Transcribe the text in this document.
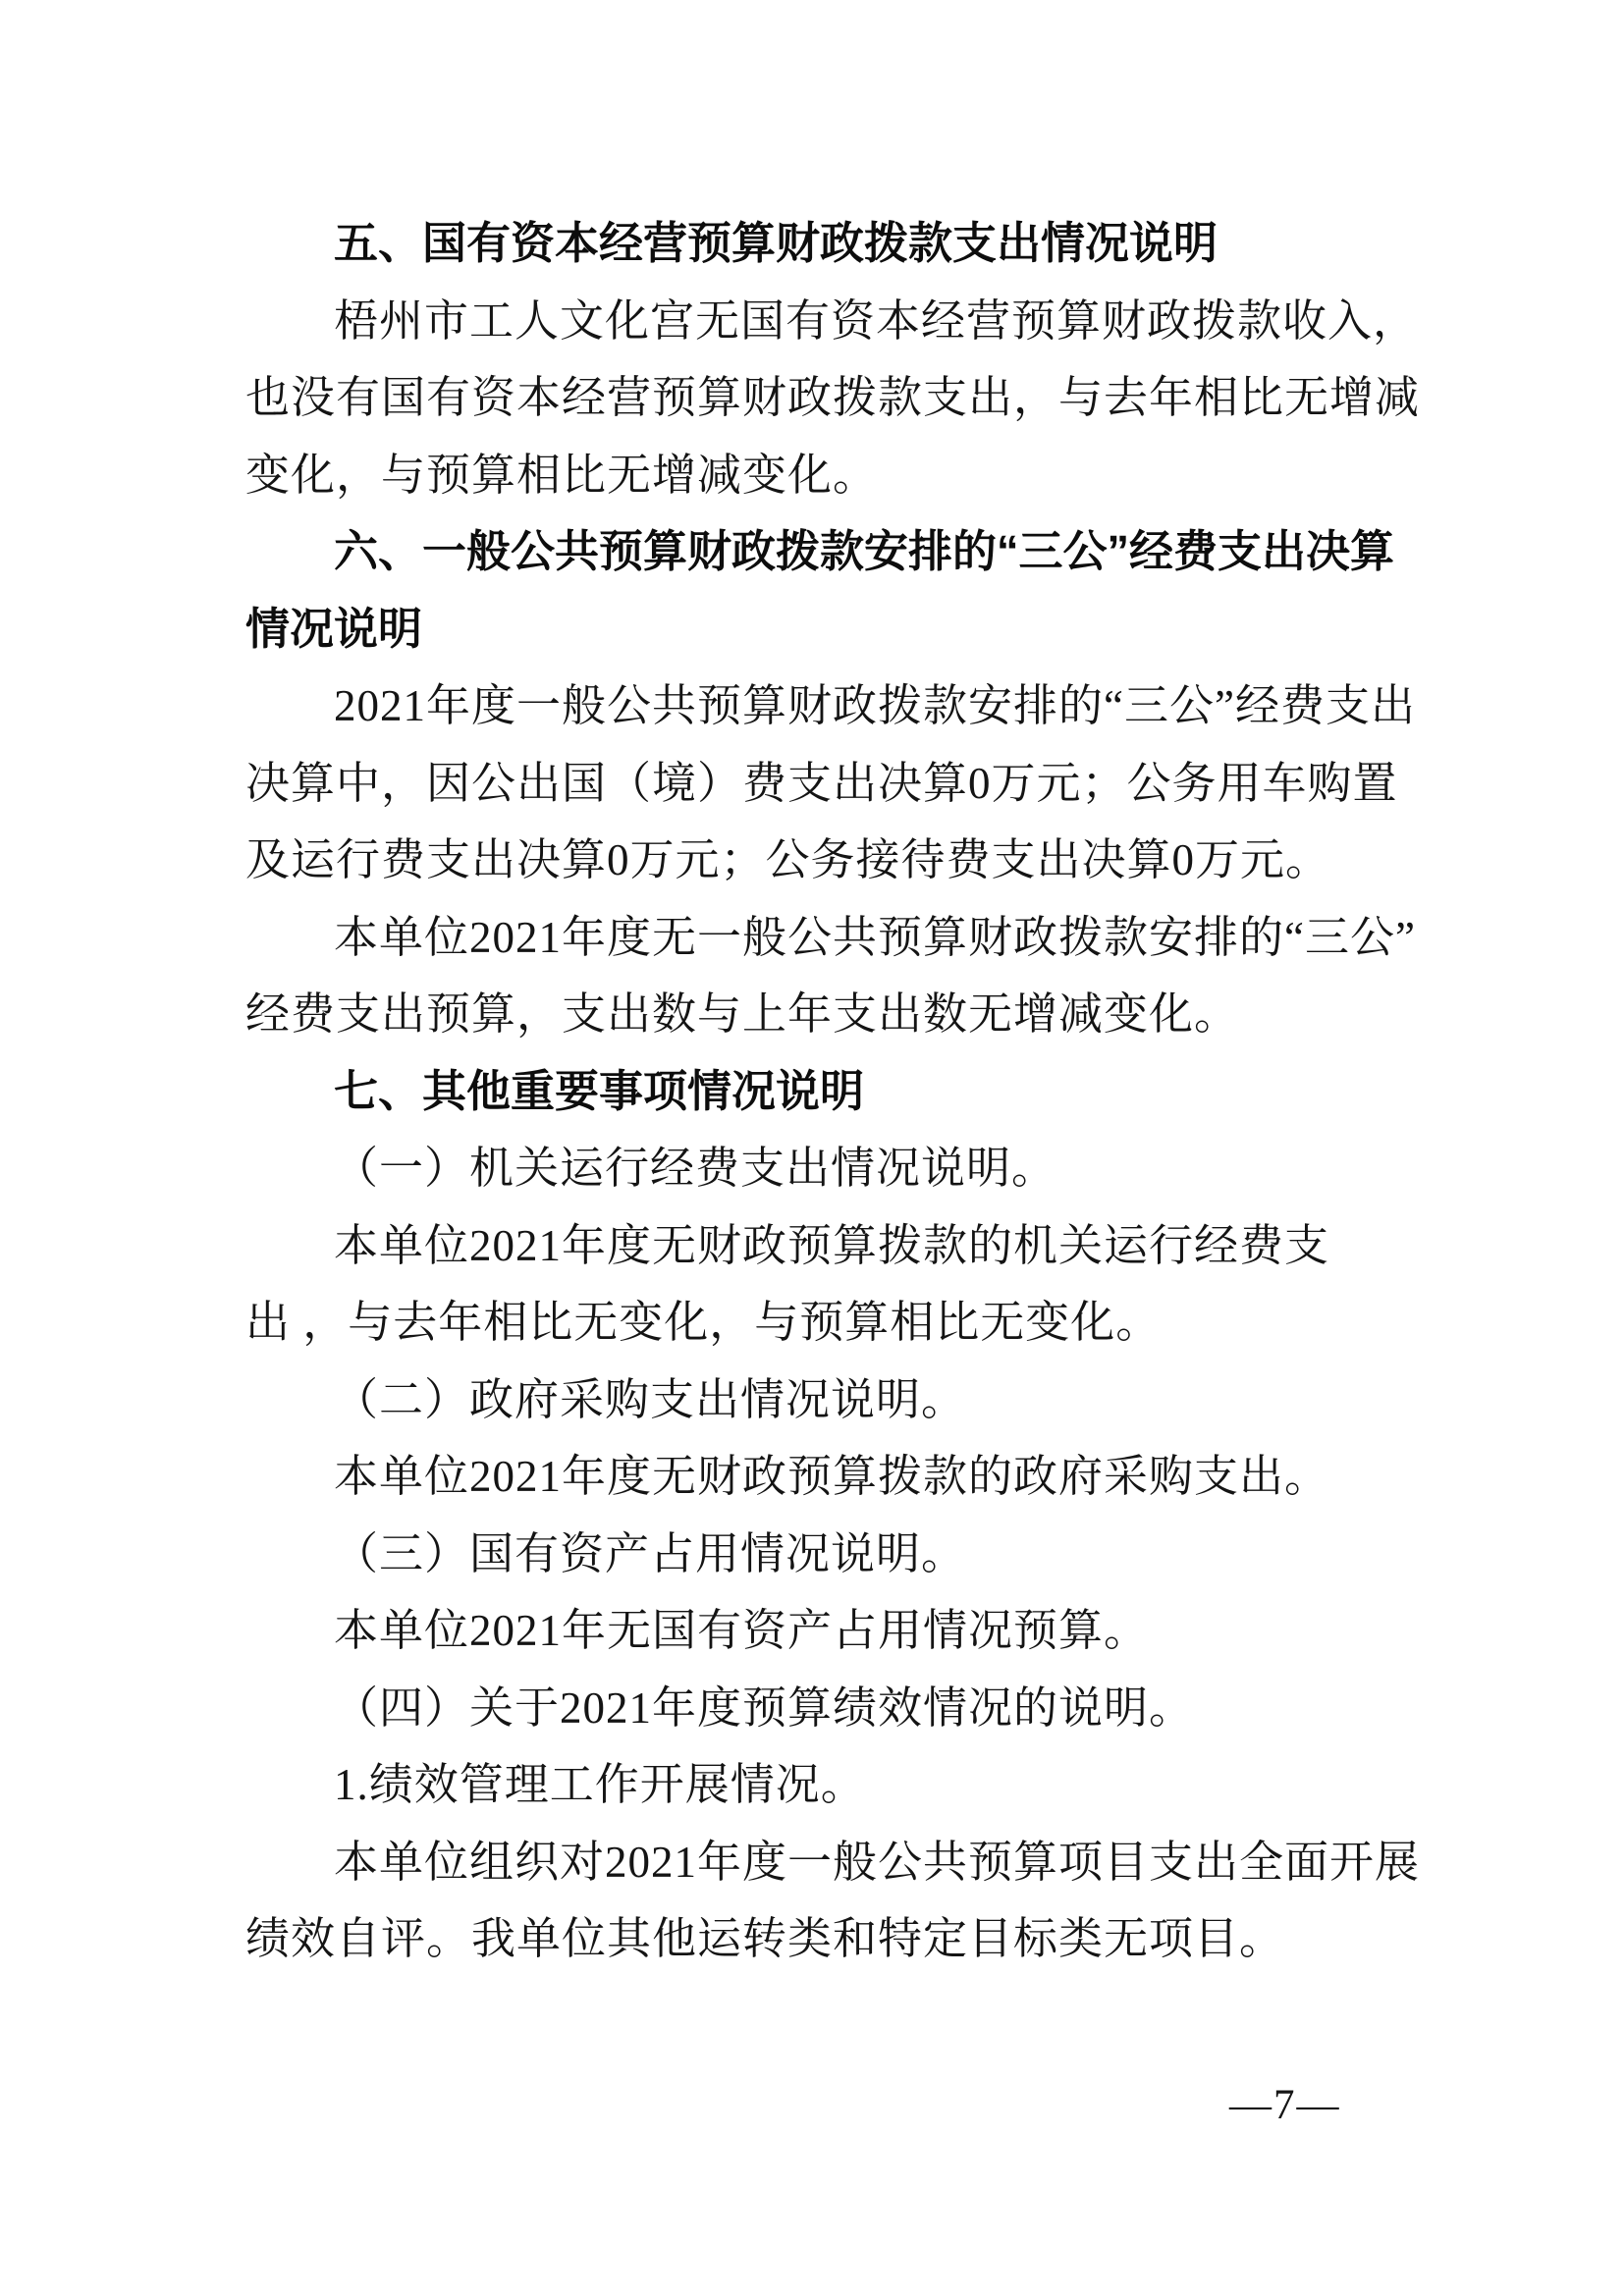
五、国有资本经营预算财政拨款支出情况说明
梧州市工人文化宫无国有资本经营预算财政拨款收入，
也没有国有资本经营预算财政拨款支出，与去年相比无增减
变化，与预算相比无增减变化。
六、一般公共预算财政拨款安排的“三公”经费支出决算
情况说明
2021年度一般公共预算财政拨款安排的“三公”经费支出
决算中，因公出国（境）费支出决算0万元；公务用车购置
及运行费支出决算0万元；公务接待费支出决算0万元。
本单位2021年度无一般公共预算财政拨款安排的“三公”
经费支出预算，支出数与上年支出数无增减变化。
七、其他重要事项情况说明
（一）机关运行经费支出情况说明。
本单位2021年度无财政预算拨款的机关运行经费支
出 ，与去年相比无变化，与预算相比无变化。
（二）政府采购支出情况说明。
本单位2021年度无财政预算拨款的政府采购支出。
（三）国有资产占用情况说明。
本单位2021年无国有资产占用情况预算。
（四）关于2021年度预算绩效情况的说明。
1.绩效管理工作开展情况。
本单位组织对2021年度一般公共预算项目支出全面开展
绩效自评。我单位其他运转类和特定目标类无项目。
—7—
